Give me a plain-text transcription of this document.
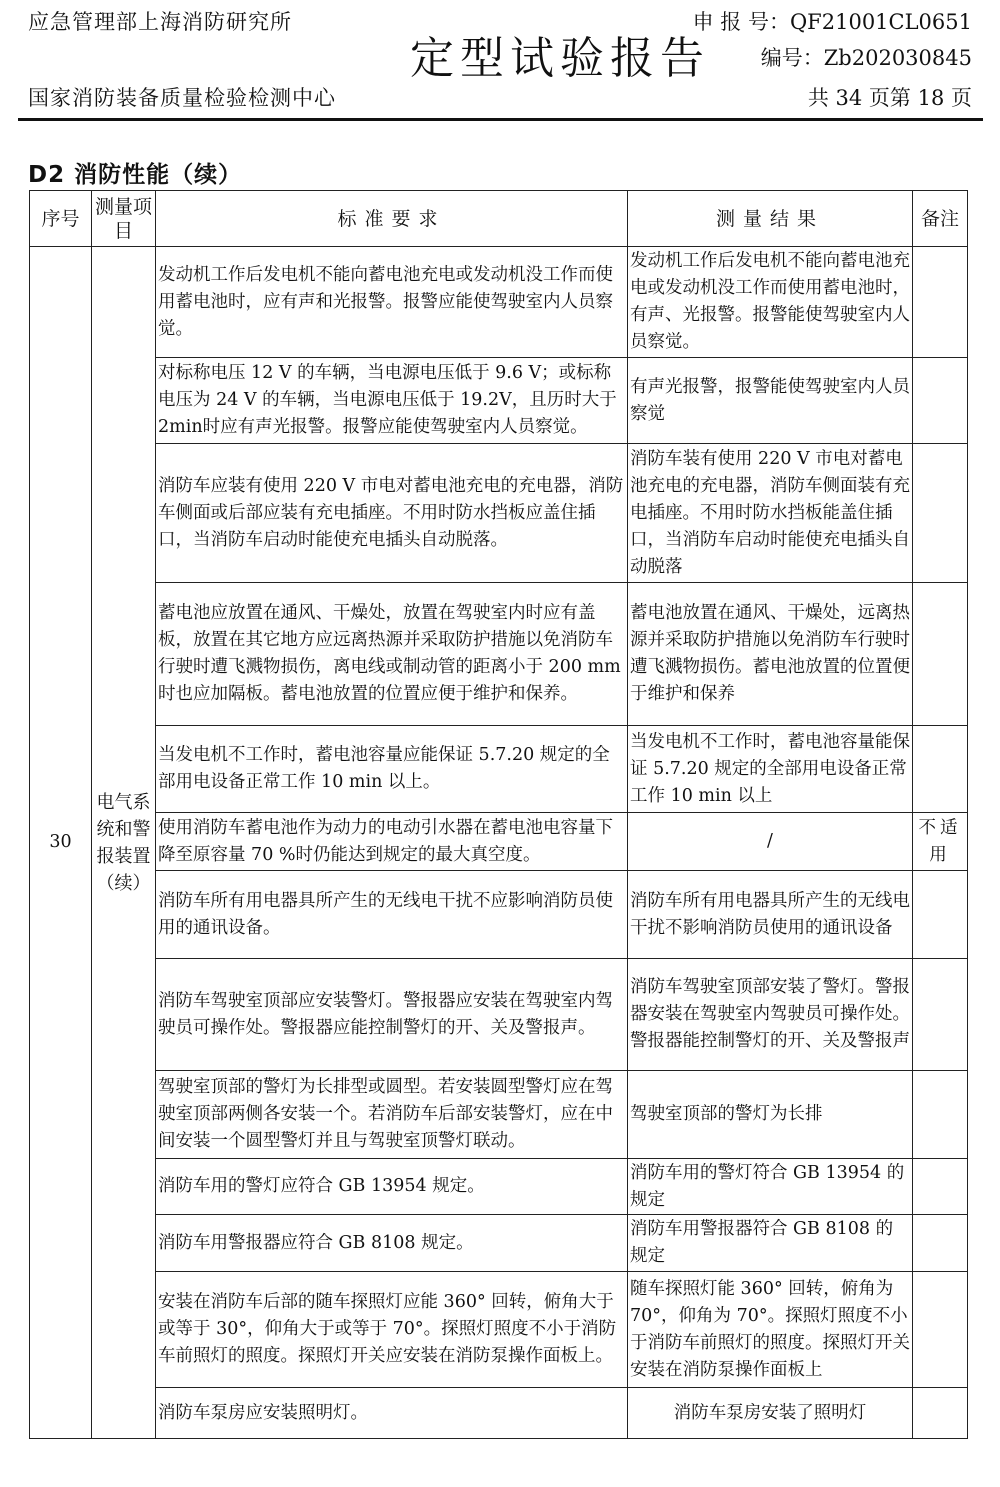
应急管理部上海消防研究所
定型试验报告
申 报 号：QF21001CL0651
编号：Zb202030845
国家消防装备质量检验检测中心	共 34 页第 18 页
D2 消防性能（续）
序号	测量项目	标准要求	测量结果	备注
30	电气系统和警报装置（续）	发动机工作后发电机不能向蓄电池充电或发动机没工作而使用蓄电池时，应有声和光报警。报警应能使驾驶室内人员察觉。	发动机工作后发电机不能向蓄电池充电或发动机没工作而使用蓄电池时，有声、光报警。报警能使驾驶室内人员察觉。	
		对标称电压 12 V 的车辆，当电源电压低于 9.6 V；或标称电压为 24 V 的车辆，当电源电压低于 19.2V，且历时大于2min时应有声光报警。报警应能使驾驶室内人员察觉。	有声光报警，报警能使驾驶室内人员察觉	
		消防车应装有使用 220 V 市电对蓄电池充电的充电器，消防车侧面或后部应装有充电插座。不用时防水挡板应盖住插口，当消防车启动时能使充电插头自动脱落。	消防车装有使用 220 V 市电对蓄电池充电的充电器，消防车侧面装有充电插座。不用时防水挡板能盖住插口，当消防车启动时能使充电插头自动脱落	
		蓄电池应放置在通风、干燥处，放置在驾驶室内时应有盖板，放置在其它地方应远离热源并采取防护措施以免消防车行驶时遭飞溅物损伤，离电线或制动管的距离小于 200 mm 时也应加隔板。蓄电池放置的位置应便于维护和保养。	蓄电池放置在通风、干燥处，远离热源并采取防护措施以免消防车行驶时遭飞溅物损伤。蓄电池放置的位置便于维护和保养	
		当发电机不工作时，蓄电池容量应能保证 5.7.20 规定的全部用电设备正常工作 10 min 以上。	当发电机不工作时，蓄电池容量能保证 5.7.20 规定的全部用电设备正常工作 10 min 以上	
		使用消防车蓄电池作为动力的电动引水器在蓄电池电容量下降至原容量 70 %时仍能达到规定的最大真空度。	/	不适用
		消防车所有用电器具所产生的无线电干扰不应影响消防员使用的通讯设备。	消防车所有用电器具所产生的无线电干扰不影响消防员使用的通讯设备	
		消防车驾驶室顶部应安装警灯。警报器应安装在驾驶室内驾驶员可操作处。警报器应能控制警灯的开、关及警报声。	消防车驾驶室顶部安装了警灯。警报器安装在驾驶室内驾驶员可操作处。警报器能控制警灯的开、关及警报声	
		驾驶室顶部的警灯为长排型或圆型。若安装圆型警灯应在驾驶室顶部两侧各安装一个。若消防车后部安装警灯，应在中间安装一个圆型警灯并且与驾驶室顶警灯联动。	驾驶室顶部的警灯为长排	
		消防车用的警灯应符合 GB 13954 规定。	消防车用的警灯符合 GB 13954 的规定	
		消防车用警报器应符合 GB 8108 规定。	消防车用警报器符合 GB 8108 的规定	
		安装在消防车后部的随车探照灯应能 360° 回转，俯角大于或等于 30°，仰角大于或等于 70°。探照灯照度不小于消防车前照灯的照度。探照灯开关应安装在消防泵操作面板上。	随车探照灯能 360° 回转，俯角为 70°，仰角为 70°。探照灯照度不小于消防车前照灯的照度。探照灯开关安装在消防泵操作面板上	
		消防车泵房应安装照明灯。	消防车泵房安装了照明灯	
